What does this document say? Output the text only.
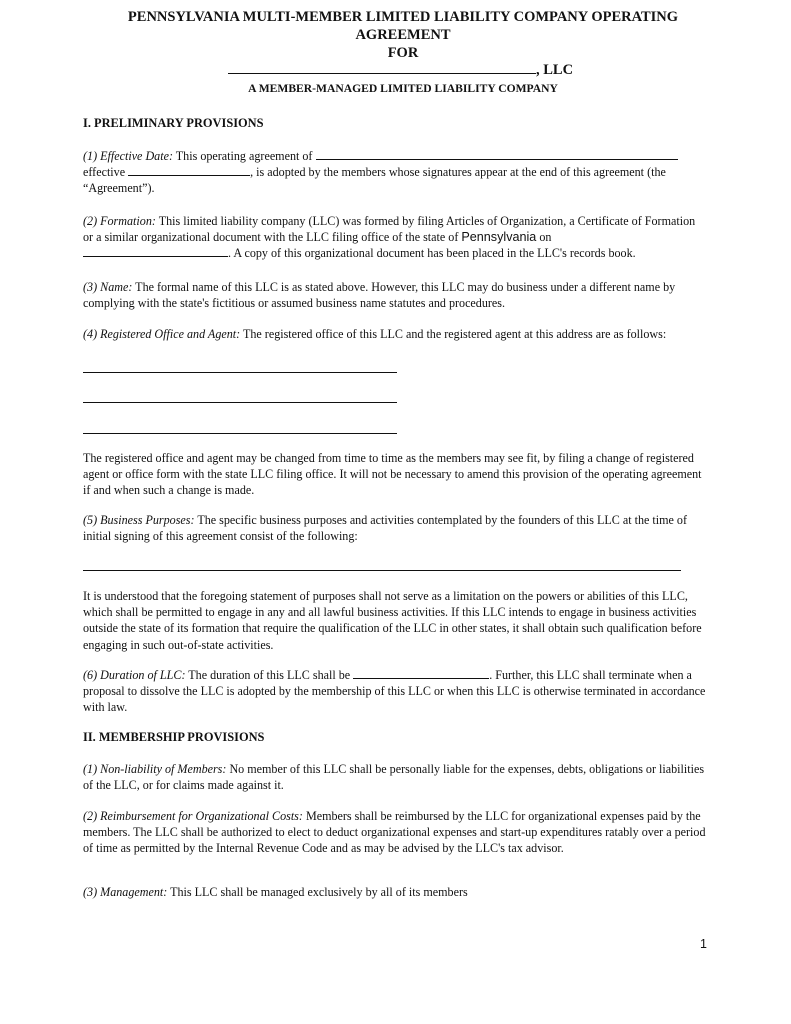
PENNSYLVANIA MULTI-MEMBER LIMITED LIABILITY COMPANY OPERATING
AGREEMENT
FOR
, LLC

A MEMBER-MANAGED LIMITED LIABILITY COMPANY

I. PRELIMINARY PROVISIONS

(1) Effective Date: This operating agreement of
effective	, is adopted by the members whose signatures appear at the end of this agreement (the “Agreement”).

(2) Formation: This limited liability company (LLC) was formed by filing Articles of Organization, a Certificate of Formation or a similar organizational document with the LLC filing office of the state of Pennsylvania on
. A copy of this organizational document has been placed in the LLC's records book.

(3) Name: The formal name of this LLC is as stated above. However, this LLC may do business under a different name by complying with the state's fictitious or assumed business name statutes and procedures.

(4) Registered Office and Agent: The registered office of this LLC and the registered agent at this address are as follows:

The registered office and agent may be changed from time to time as the members may see fit, by filing a change of registered agent or office form with the state LLC filing office. It will not be necessary to amend this provision of the operating agreement if and when such a change is made.

(5) Business Purposes: The specific business purposes and activities contemplated by the founders of this LLC at the time of initial signing of this agreement consist of the following:

It is understood that the foregoing statement of purposes shall not serve as a limitation on the powers or abilities of this LLC, which shall be permitted to engage in any and all lawful business activities. If this LLC intends to engage in business activities outside the state of its formation that require the qualification of the LLC in other states, it shall obtain such qualification before engaging in such out-of-state activities.

(6) Duration of LLC: The duration of this LLC shall be	. Further, this LLC shall terminate when a proposal to dissolve the LLC is adopted by the membership of this LLC or when this LLC is otherwise terminated in accordance with law.

II. MEMBERSHIP PROVISIONS

(1) Non-liability of Members: No member of this LLC shall be personally liable for the expenses, debts, obligations or liabilities of the LLC, or for claims made against it.

(2) Reimbursement for Organizational Costs: Members shall be reimbursed by the LLC for organizational expenses paid by the members. The LLC shall be authorized to elect to deduct organizational expenses and start-up expenditures ratably over a period of time as permitted by the Internal Revenue Code and as may be advised by the LLC's tax advisor.

(3) Management: This LLC shall be managed exclusively by all of its members

1
